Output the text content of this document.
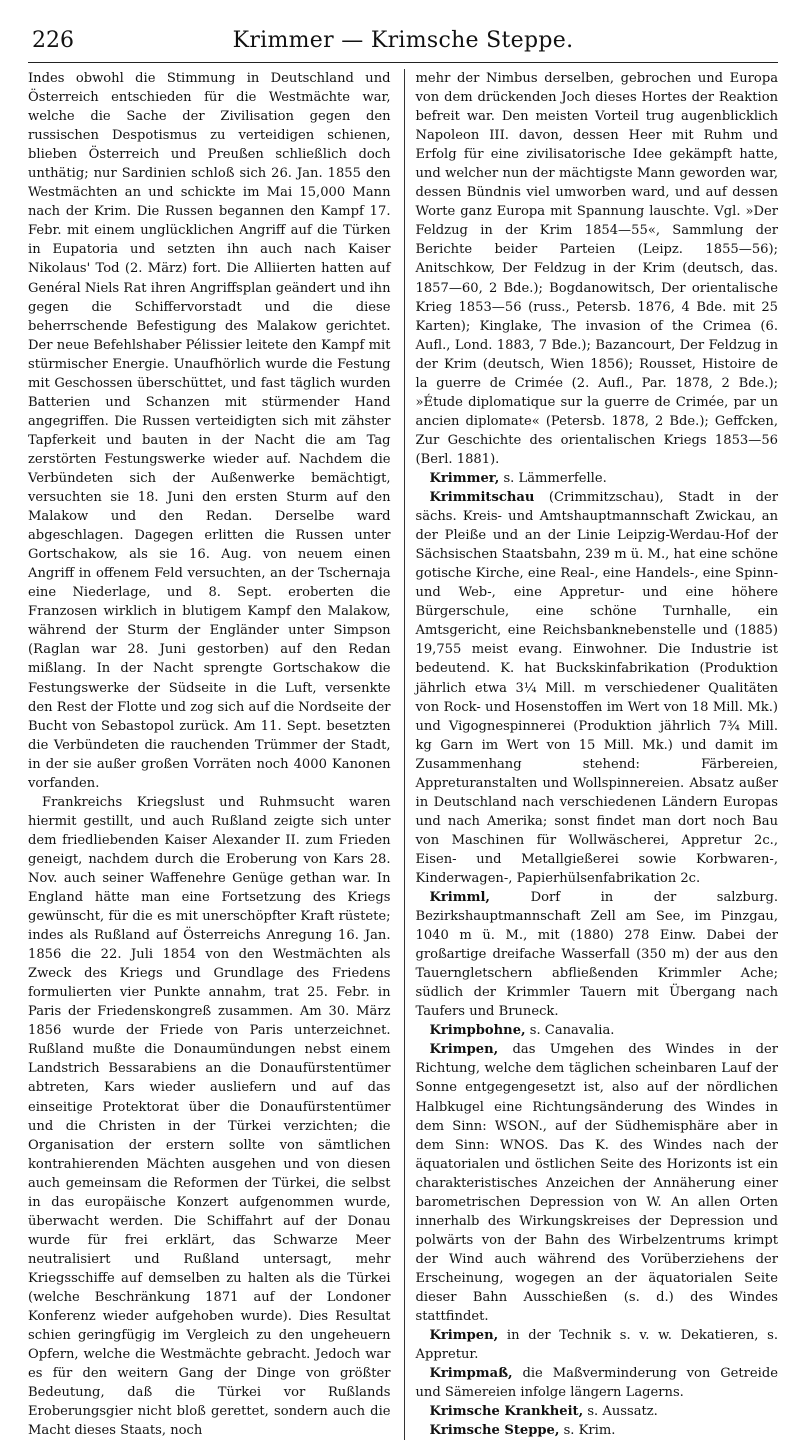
226	Krimmer — Krimsche Steppe.

Indes obwohl die Stimmung in Deutschland und Österreich entschieden für die Westmächte war, welche die Sache der Zivilisation gegen den russischen Despotismus zu verteidigen schienen, blieben Österreich und Preußen schließlich doch unthätig; nur Sardinien schloß sich 26. Jan. 1855 den Westmächten an und schickte im Mai 15,000 Mann nach der Krim. Die Russen begannen den Kampf 17. Febr. mit einem unglücklichen Angriff auf die Türken in Eupatoria und setzten ihn auch nach Kaiser Nikolaus' Tod (2. März) fort. Die Alliierten hatten auf Genéral Niels Rat ihren Angriffsplan geändert und ihn gegen die Schiffervorstadt und die diese beherrschende Befestigung des Malakow gerichtet. Der neue Befehlshaber Pélissier leitete den Kampf mit stürmischer Energie. Unaufhörlich wurde die Festung mit Geschossen überschüttet, und fast täglich wurden Batterien und Schanzen mit stürmender Hand angegriffen. Die Russen verteidigten sich mit zähster Tapferkeit und bauten in der Nacht die am Tag zerstörten Festungswerke wieder auf. Nachdem die Verbündeten sich der Außenwerke bemächtigt, versuchten sie 18. Juni den ersten Sturm auf den Malakow und den Redan. Derselbe ward abgeschlagen. Dagegen erlitten die Russen unter Gortschakow, als sie 16. Aug. von neuem einen Angriff in offenem Feld versuchten, an der Tschernaja eine Niederlage, und 8. Sept. eroberten die Franzosen wirklich in blutigem Kampf den Malakow, während der Sturm der Engländer unter Simpson (Raglan war 28. Juni gestorben) auf den Redan mißlang. In der Nacht sprengte Gortschakow die Festungswerke der Südseite in die Luft, versenkte den Rest der Flotte und zog sich auf die Nordseite der Bucht von Sebastopol zurück. Am 11. Sept. besetzten die Verbündeten die rauchenden Trümmer der Stadt, in der sie außer großen Vorräten noch 4000 Kanonen vorfanden.

Frankreichs Kriegslust und Ruhmsucht waren hiermit gestillt, und auch Rußland zeigte sich unter dem friedliebenden Kaiser Alexander II. zum Frieden geneigt, nachdem durch die Eroberung von Kars 28. Nov. auch seiner Waffenehre Genüge gethan war. In England hätte man eine Fortsetzung des Kriegs gewünscht, für die es mit unerschöpfter Kraft rüstete; indes als Rußland auf Österreichs Anregung 16. Jan. 1856 die 22. Juli 1854 von den Westmächten als Zweck des Kriegs und Grundlage des Friedens formulierten vier Punkte annahm, trat 25. Febr. in Paris der Friedenskongreß zusammen. Am 30. März 1856 wurde der Friede von Paris unterzeichnet. Rußland mußte die Donaumündungen nebst einem Landstrich Bessarabiens an die Donaufürstentümer abtreten, Kars wieder ausliefern und auf das einseitige Protektorat über die Donaufürstentümer und die Christen in der Türkei verzichten; die Organisation der erstern sollte von sämtlichen kontrahierenden Mächten ausgehen und von diesen auch gemeinsam die Reformen der Türkei, die selbst in das europäische Konzert aufgenommen wurde, überwacht werden. Die Schiffahrt auf der Donau wurde für frei erklärt, das Schwarze Meer neutralisiert und Rußland untersagt, mehr Kriegsschiffe auf demselben zu halten als die Türkei (welche Beschränkung 1871 auf der Londoner Konferenz wieder aufgehoben wurde). Dies Resultat schien geringfügig im Vergleich zu den ungeheuern Opfern, welche die Westmächte gebracht. Jedoch war es für den weitern Gang der Dinge von größter Bedeutung, daß die Türkei vor Rußlands Eroberungsgier nicht bloß gerettet, sondern auch die Macht dieses Staats, noch

mehr der Nimbus derselben, gebrochen und Europa von dem drückenden Joch dieses Hortes der Reaktion befreit war. Den meisten Vorteil trug augenblicklich Napoleon III. davon, dessen Heer mit Ruhm und Erfolg für eine zivilisatorische Idee gekämpft hatte, und welcher nun der mächtigste Mann geworden war, dessen Bündnis viel umworben ward, und auf dessen Worte ganz Europa mit Spannung lauschte. Vgl. »Der Feldzug in der Krim 1854—55«, Sammlung der Berichte beider Parteien (Leipz. 1855—56); Anitschkow, Der Feldzug in der Krim (deutsch, das. 1857—60, 2 Bde.); Bogdanowitsch, Der orientalische Krieg 1853—56 (russ., Petersb. 1876, 4 Bde. mit 25 Karten); Kinglake, The invasion of the Crimea (6. Aufl., Lond. 1883, 7 Bde.); Bazancourt, Der Feldzug in der Krim (deutsch, Wien 1856); Rousset, Histoire de la guerre de Crimée (2. Aufl., Par. 1878, 2 Bde.); »Étude diplomatique sur la guerre de Crimée, par un ancien diplomate« (Petersb. 1878, 2 Bde.); Geffcken, Zur Geschichte des orientalischen Kriegs 1853—56 (Berl. 1881).

Krimmer, s. Lämmerfelle.

Krimmitschau (Crimmitzschau), Stadt in der sächs. Kreis- und Amtshauptmannschaft Zwickau, an der Pleiße und an der Linie Leipzig-Werdau-Hof der Sächsischen Staatsbahn, 239 m ü. M., hat eine schöne gotische Kirche, eine Real-, eine Handels-, eine Spinn- und Web-, eine Appretur- und eine höhere Bürgerschule, eine schöne Turnhalle, ein Amtsgericht, eine Reichsbanknebenstelle und (1885) 19,755 meist evang. Einwohner. Die Industrie ist bedeutend. K. hat Buckskinfabrikation (Produktion jährlich etwa 3¼ Mill. m verschiedener Qualitäten von Rock- und Hosenstoffen im Wert von 18 Mill. Mk.) und Vigognespinnerei (Produktion jährlich 7¾ Mill. kg Garn im Wert von 15 Mill. Mk.) und damit im Zusammenhang stehend: Färbereien, Appreturanstalten und Wollspinnereien. Absatz außer in Deutschland nach verschiedenen Ländern Europas und nach Amerika; sonst findet man dort noch Bau von Maschinen für Wollwäscherei, Appretur 2c., Eisen- und Metallgießerei sowie Korbwaren-, Kinderwagen-, Papierhülsenfabrikation 2c.

Krimml, Dorf in der salzburg. Bezirkshauptmannschaft Zell am See, im Pinzgau, 1040 m ü. M., mit (1880) 278 Einw. Dabei der großartige dreifache Wasserfall (350 m) der aus den Tauerngletschern abfließenden Krimmler Ache; südlich der Krimmler Tauern mit Übergang nach Taufers und Bruneck.

Krimpbohne, s. Canavalia.

Krimpen, das Umgehen des Windes in der Richtung, welche dem täglichen scheinbaren Lauf der Sonne entgegengesetzt ist, also auf der nördlichen Halbkugel eine Richtungsänderung des Windes in dem Sinn: WSON., auf der Südhemisphäre aber in dem Sinn: WNOS. Das K. des Windes nach der äquatorialen und östlichen Seite des Horizonts ist ein charakteristisches Anzeichen der Annäherung einer barometrischen Depression von W. An allen Orten innerhalb des Wirkungskreises der Depression und polwärts von der Bahn des Wirbelzentrums krimpt der Wind auch während des Vorüberziehens der Erscheinung, wogegen an der äquatorialen Seite dieser Bahn Ausschießen (s. d.) des Windes stattfindet.

Krimpen, in der Technik s. v. w. Dekatieren, s. Appretur.

Krimpmaß, die Maßverminderung von Getreide und Sämereien infolge längern Lagerns.

Krimsche Krankheit, s. Aussatz.

Krimsche Steppe, s. Krim.
